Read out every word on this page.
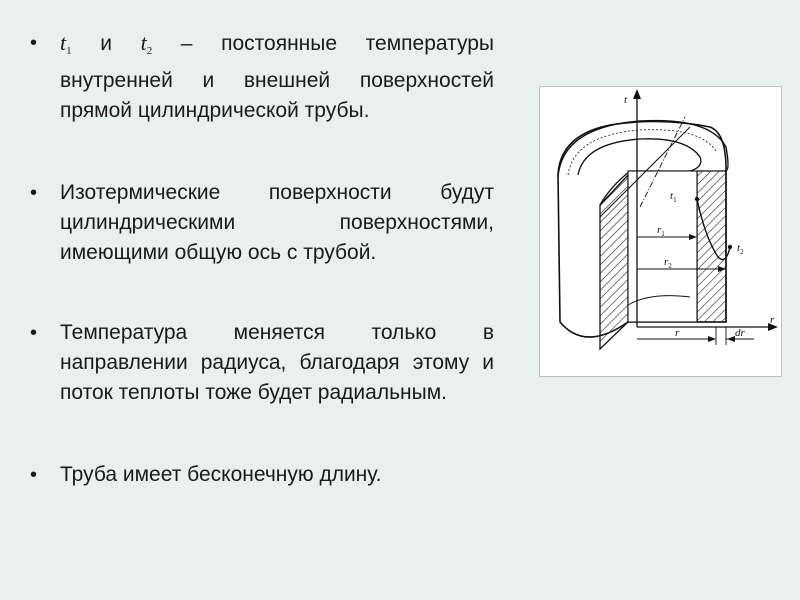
• $t_1$ и $t_2$ – постоянные температуры внутренней и внешней поверхностей прямой цилиндрической трубы.
• Изотермические поверхности будут цилиндрическими поверхностями, имеющими общую ось с трубой.
• Температура меняется только в направлении радиуса, благодаря этому и поток теплоты тоже будет радиальным.
• Труба имеет бесконечную длину.
t
r
$t_1$
$t_2$
$r_1$
$r_2$
r	dr
